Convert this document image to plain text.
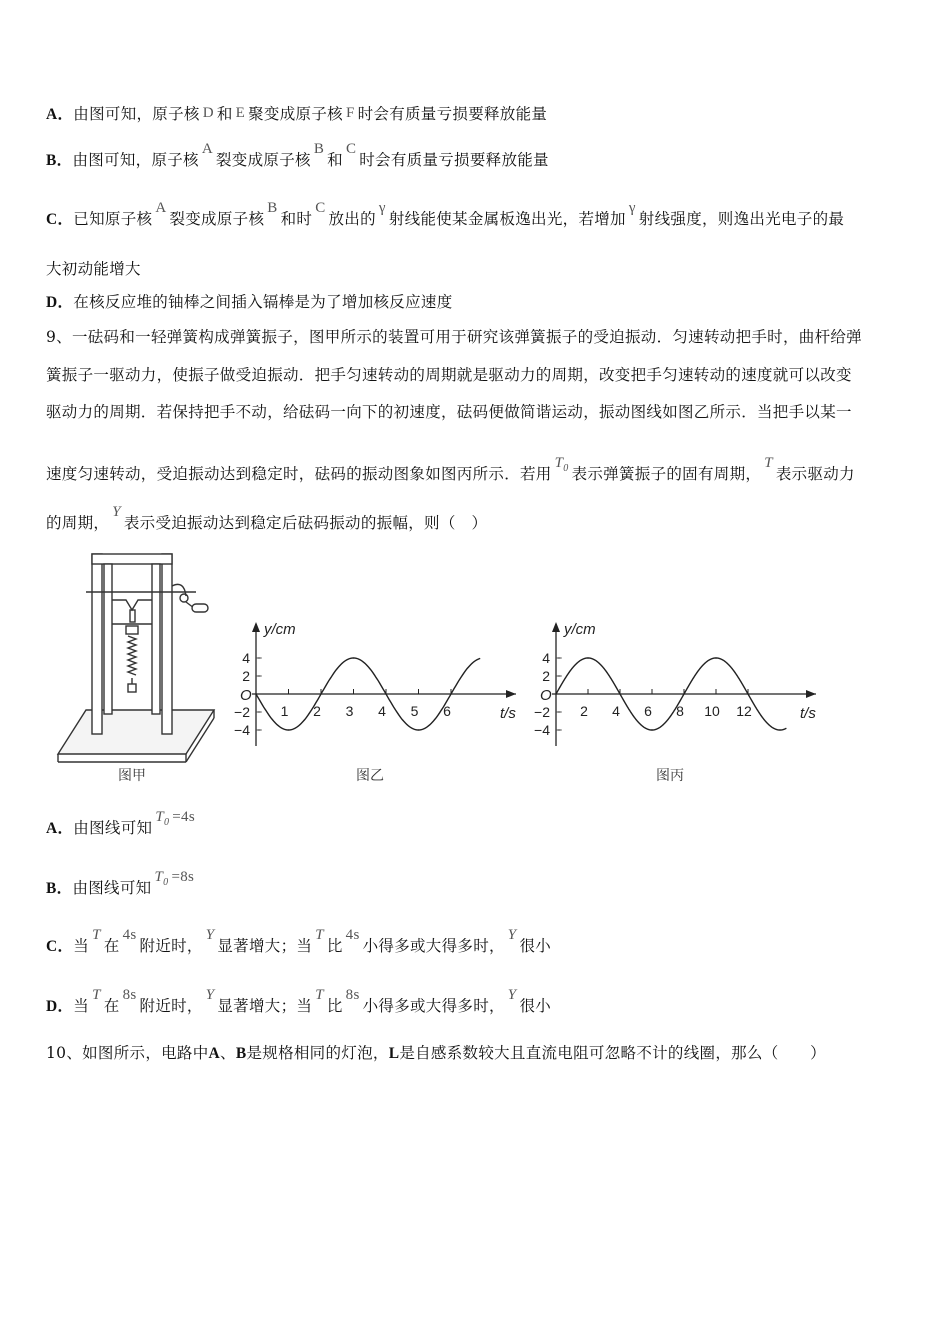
A．由图可知，原子核 D 和 E 聚变成原子核 F 时会有质量亏损要释放能量
B．由图可知，原子核A裂变成原子核B和C时会有质量亏损要释放能量
C．已知原子核A裂变成原子核B和时C放出的γ射线能使某金属板逸出光，若增加γ射线强度，则逸出光电子的最
大初动能增大
D．在核反应堆的铀棒之间插入镉棒是为了增加核反应速度
9、一砝码和一轻弹簧构成弹簧振子，图甲所示的装置可用于研究该弹簧振子的受迫振动．匀速转动把手时，曲杆给弹
簧振子一驱动力，使振子做受迫振动．把手匀速转动的周期就是驱动力的周期，改变把手匀速转动的速度就可以改变
驱动力的周期．若保持把手不动，给砝码一向下的初速度，砝码便做简谐运动，振动图线如图乙所示．当把手以某一
速度匀速转动，受迫振动达到稳定时，砝码的振动图象如图丙所示．若用$T_0$ 表示弹簧振子的固有周期，T表示驱动力
的周期，Y表示受迫振动达到稳定后砝码振动的振幅，则（　）
图甲
y/cm
t/s
O
−4
−2
2
4
1 2 3 4 5 6
图乙
y/cm
t/s
O
−4
−2
2
4
2 4 6 8 10 12
图丙
A．由图线可知$T_0 =4s$
B．由图线可知$T_0 =8s$
C．当T在4s附近时，Y显著增大；当T比4s小得多或大得多时，Y很小
D．当T在8s附近时，Y显著增大；当T比8s小得多或大得多时，Y很小
10、如图所示，电路中A、B是规格相同的灯泡，L是自感系数较大且直流电阻可忽略不计的线圈，那么（　　）
